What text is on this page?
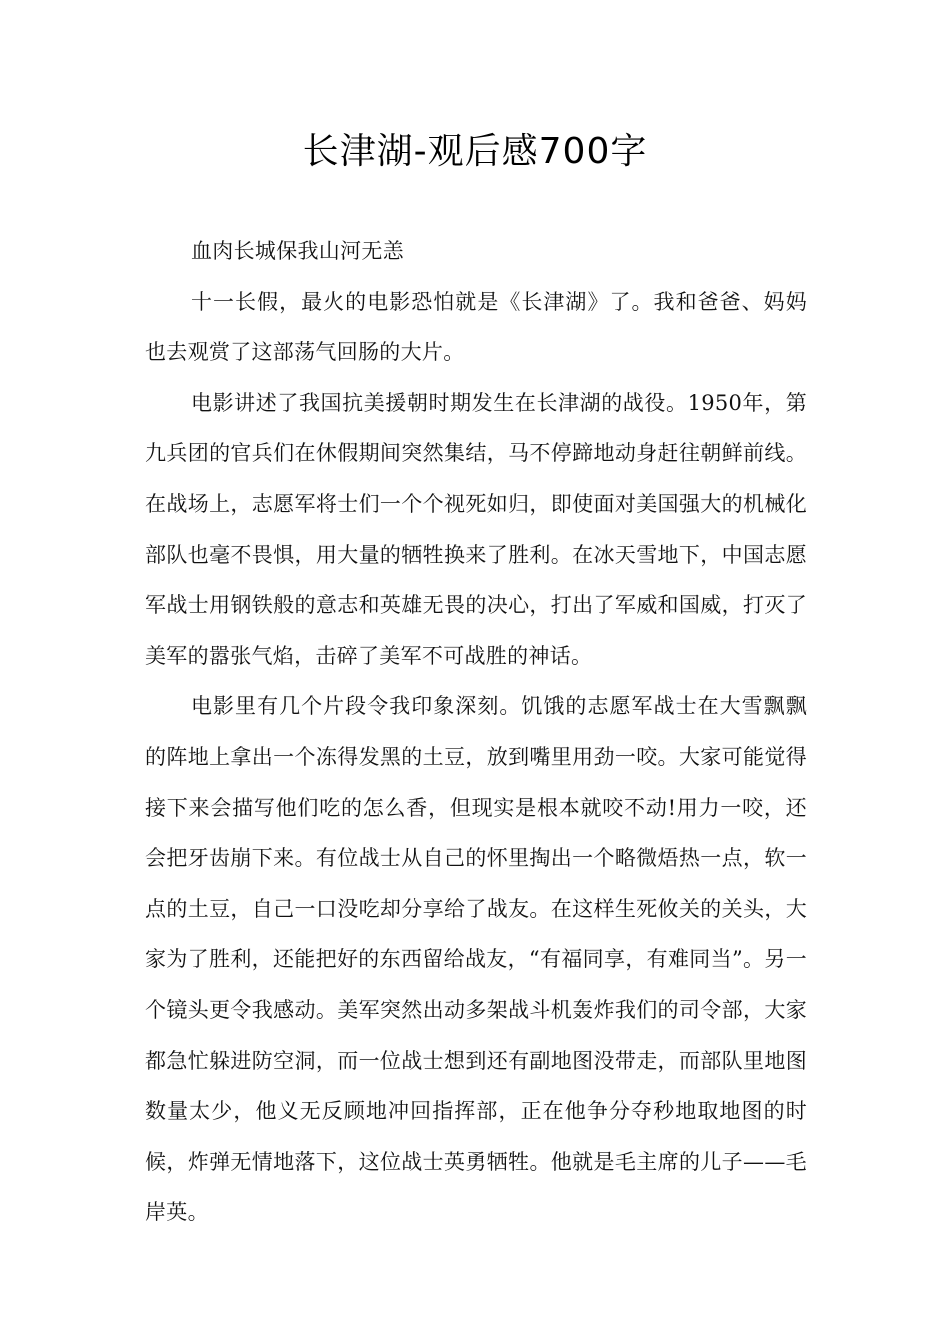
长津湖-观后感700字

血肉长城保我山河无恙

十一长假，最火的电影恐怕就是《长津湖》了。我和爸爸、妈妈也去观赏了这部荡气回肠的大片。

电影讲述了我国抗美援朝时期发生在长津湖的战役。1950年，第九兵团的官兵们在休假期间突然集结，马不停蹄地动身赶往朝鲜前线。在战场上，志愿军将士们一个个视死如归，即使面对美国强大的机械化部队也毫不畏惧，用大量的牺牲换来了胜利。在冰天雪地下，中国志愿军战士用钢铁般的意志和英雄无畏的决心，打出了军威和国威，打灭了美军的嚣张气焰，击碎了美军不可战胜的神话。

电影里有几个片段令我印象深刻。饥饿的志愿军战士在大雪飘飘的阵地上拿出一个冻得发黑的土豆，放到嘴里用劲一咬。大家可能觉得接下来会描写他们吃的怎么香，但现实是根本就咬不动!用力一咬，还会把牙齿崩下来。有位战士从自己的怀里掏出一个略微焐热一点，软一点的土豆，自己一口没吃却分享给了战友。在这样生死攸关的关头，大家为了胜利，还能把好的东西留给战友，“有福同享，有难同当”。另一个镜头更令我感动。美军突然出动多架战斗机轰炸我们的司令部，大家都急忙躲进防空洞，而一位战士想到还有副地图没带走，而部队里地图数量太少，他义无反顾地冲回指挥部，正在他争分夺秒地取地图的时候，炸弹无情地落下，这位战士英勇牺牲。他就是毛主席的儿子——毛岸英。
